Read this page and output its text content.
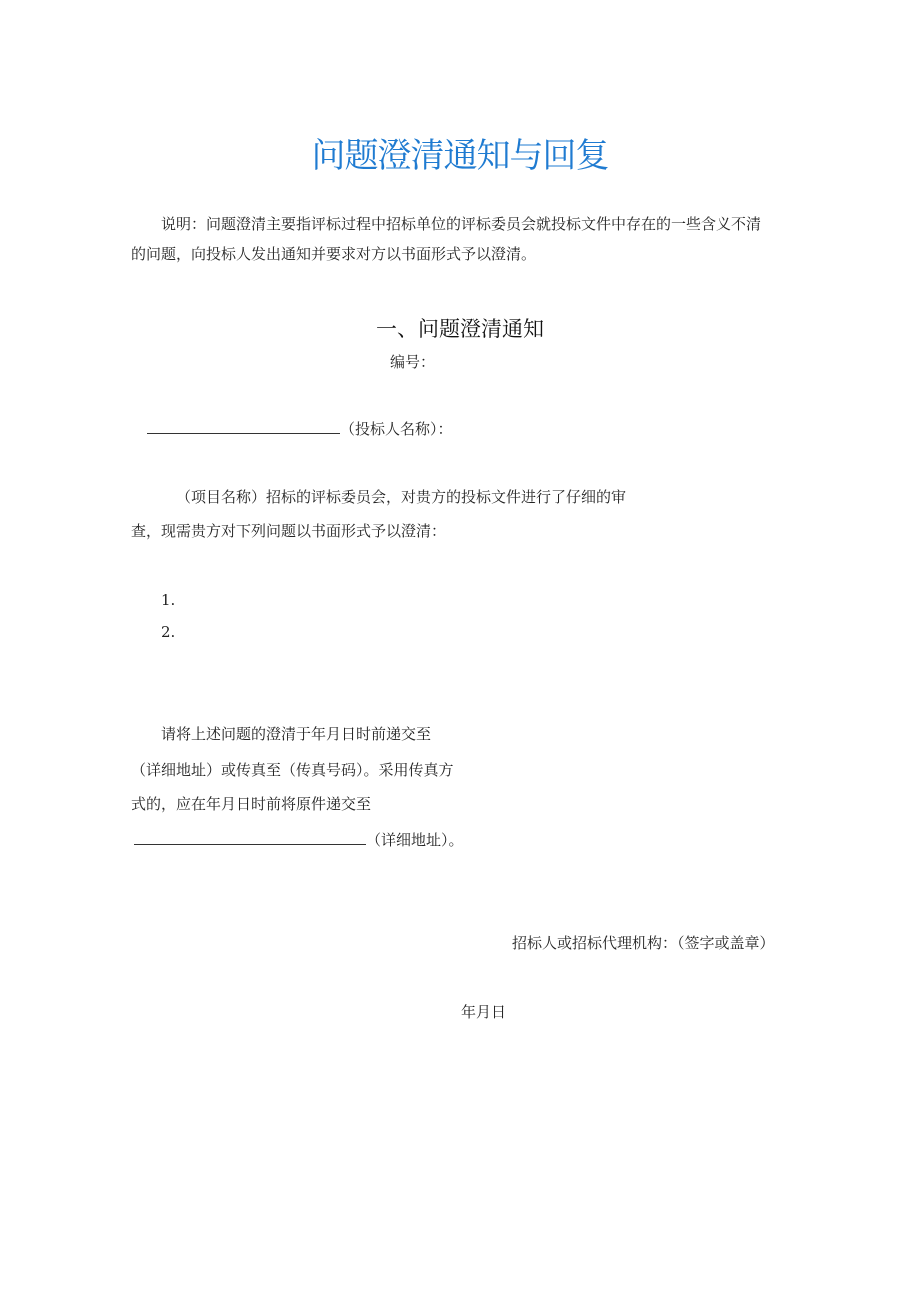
问题澄清通知与回复
说明：问题澄清主要指评标过程中招标单位的评标委员会就投标文件中存在的一些含义不清
的问题，向投标人发出通知并要求对方以书面形式予以澄清。
一、问题澄清通知
编号：
（投标人名称）：
（项目名称）招标的评标委员会，对贵方的投标文件进行了仔细的审
查，现需贵方对下列问题以书面形式予以澄清：
1.
2.
请将上述问题的澄清于年月日时前递交至
（详细地址）或传真至（传真号码）。采用传真方
式的，应在年月日时前将原件递交至
（详细地址）。
招标人或招标代理机构：（签字或盖章）
年月日
